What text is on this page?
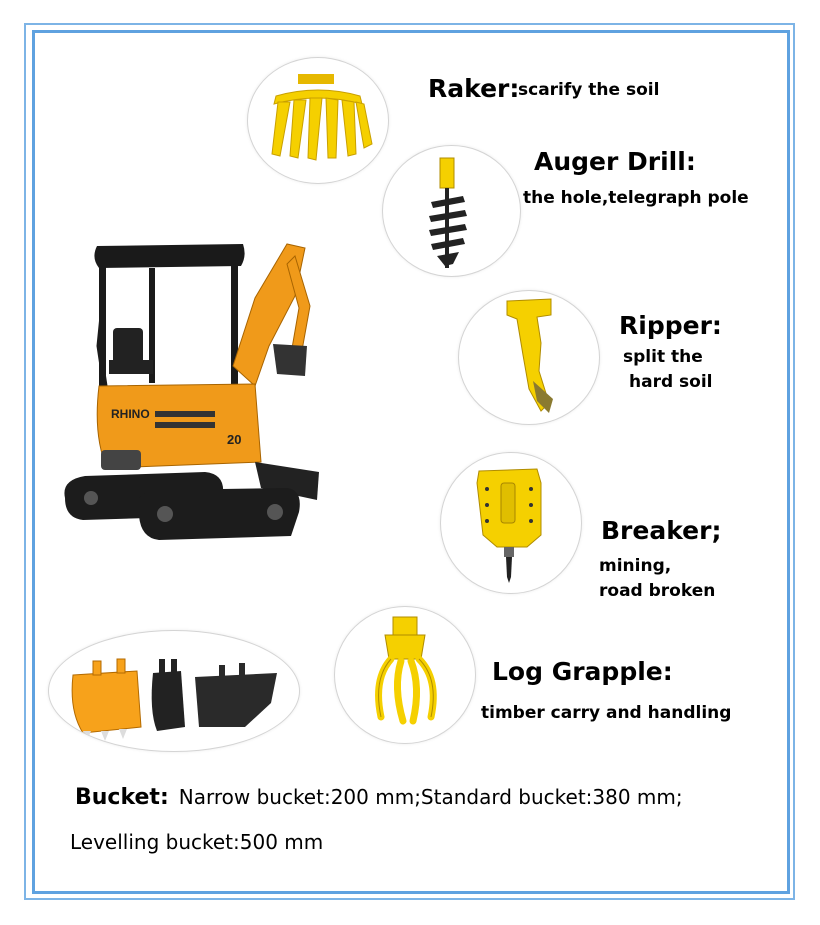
Raker:
scarify the soil
Auger Drill:
the hole,telegraph pole
Ripper:
split the
hard soil
Breaker;
mining,
road broken
Log Grapple:
timber carry and handling
RHINO
20
Bucket: Narrow bucket:200 mm;Standard bucket:380 mm;
Levelling bucket:500 mm
